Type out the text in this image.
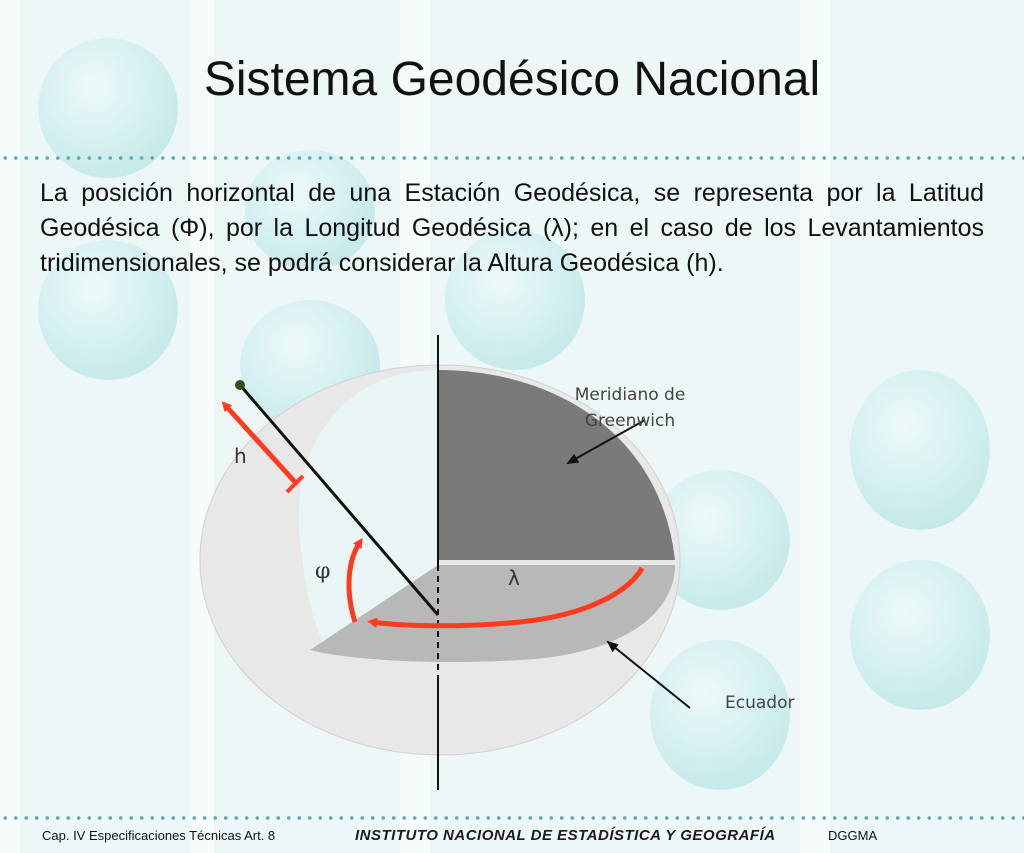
Sistema Geodésico Nacional

La posición horizontal de una Estación Geodésica, se representa por la Latitud Geodésica (Φ), por la Longitud Geodésica (λ); en el caso de los Levantamientos tridimensionales, se podrá considerar la Altura Geodésica (h).

h
φ	λ
Meridiano de
Greenwich
Ecuador
Cap. IV Especificaciones Técnicas Art. 8	INSTITUTO NACIONAL DE ESTADÍSTICA Y GEOGRAFÍA	DGGMA
